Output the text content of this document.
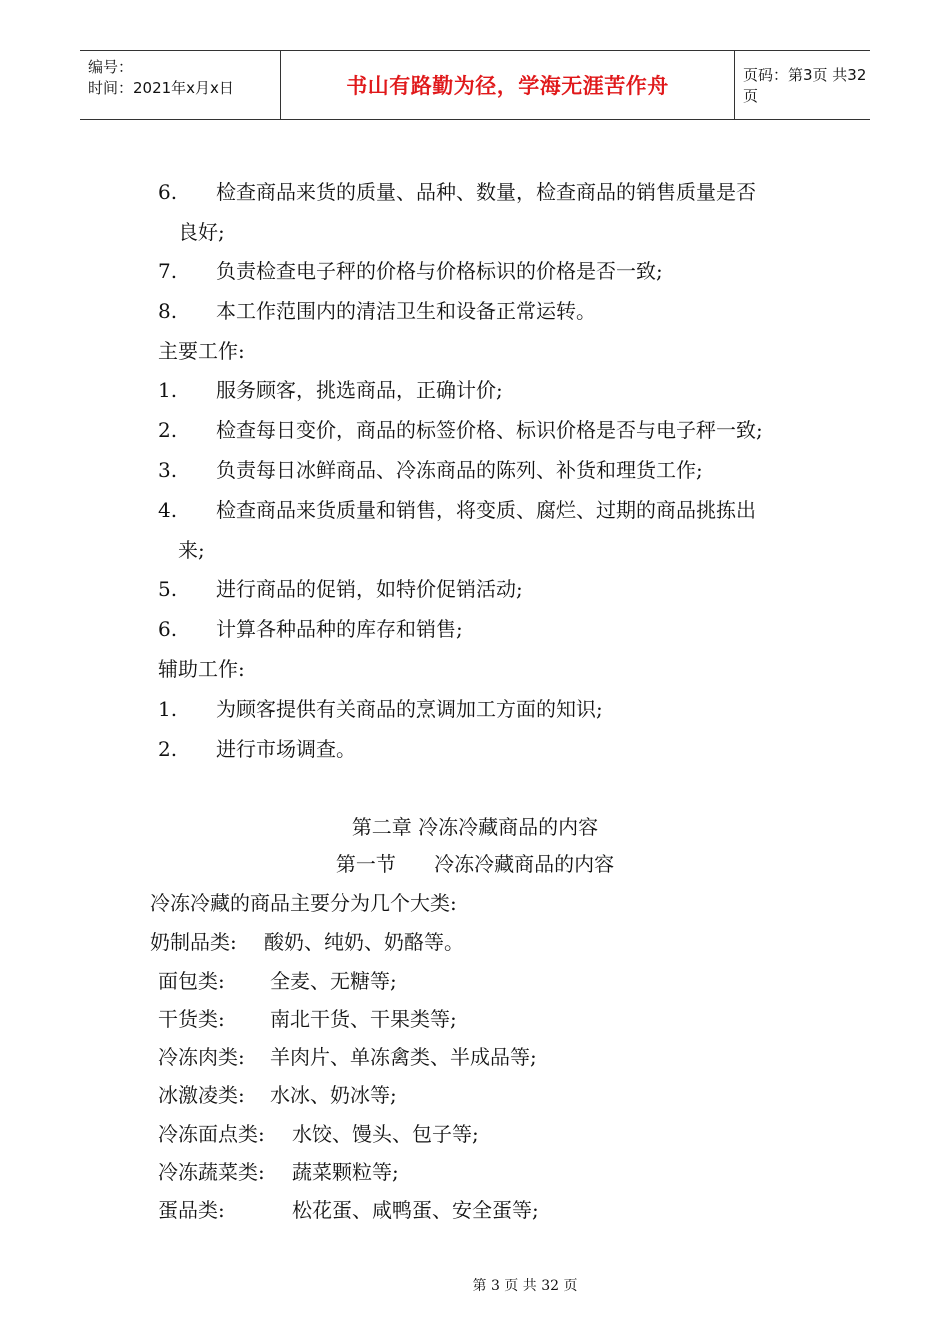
编号：
时间：2021年x月x日	书山有路勤为径，学海无涯苦作舟	页码：第3页 共32页
6. 检查商品来货的质量、品种、数量，检查商品的销售质量是否
良好;
7. 负责检查电子秤的价格与价格标识的价格是否一致;
8. 本工作范围内的清洁卫生和设备正常运转。
主要工作:
1. 服务顾客，挑选商品，正确计价;
2. 检查每日变价，商品的标签价格、标识价格是否与电子秤一致;
3. 负责每日冰鲜商品、冷冻商品的陈列、补货和理货工作;
4. 检查商品来货质量和销售，将变质、腐烂、过期的商品挑拣出
来;
5. 进行商品的促销，如特价促销活动;
6. 计算各种品种的库存和销售;
辅助工作:
1. 为顾客提供有关商品的烹调加工方面的知识;
2. 进行市场调查。
第二章 冷冻冷藏商品的内容
第一节      冷冻冷藏商品的内容
冷冻冷藏的商品主要分为几个大类:
奶制品类: 酸奶、纯奶、奶酪等。
面包类: 全麦、无糖等;
干货类: 南北干货、干果类等;
冷冻肉类: 羊肉片、单冻禽类、半成品等;
冰激凌类: 水冰、奶冰等;
冷冻面点类: 水饺、馒头、包子等;
冷冻蔬菜类: 蔬菜颗粒等;
蛋品类:	松花蛋、咸鸭蛋、安全蛋等;
第 3 页 共 32 页
